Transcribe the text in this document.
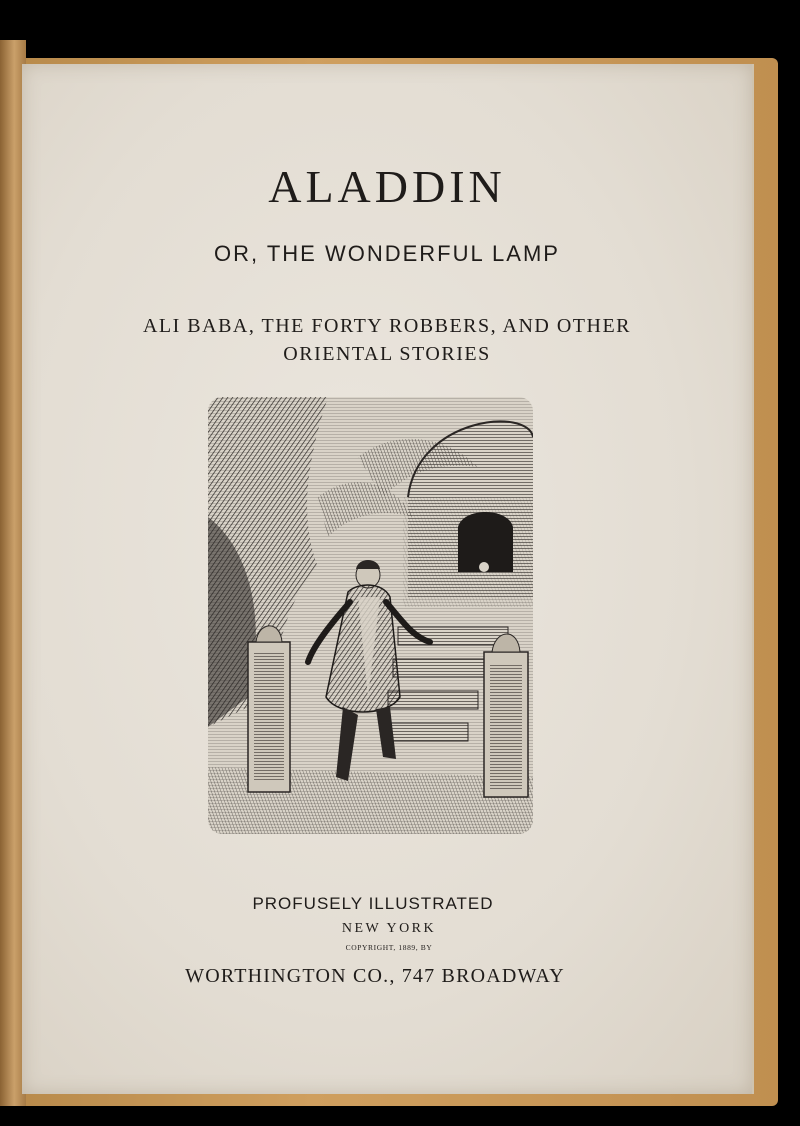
ALADDIN
OR, THE WONDERFUL LAMP
ALI BABA, THE FORTY ROBBERS, AND OTHER
ORIENTAL STORIES
PROFUSELY ILLUSTRATED
NEW YORK
COPYRIGHT, 1889, BY
WORTHINGTON CO., 747 BROADWAY
